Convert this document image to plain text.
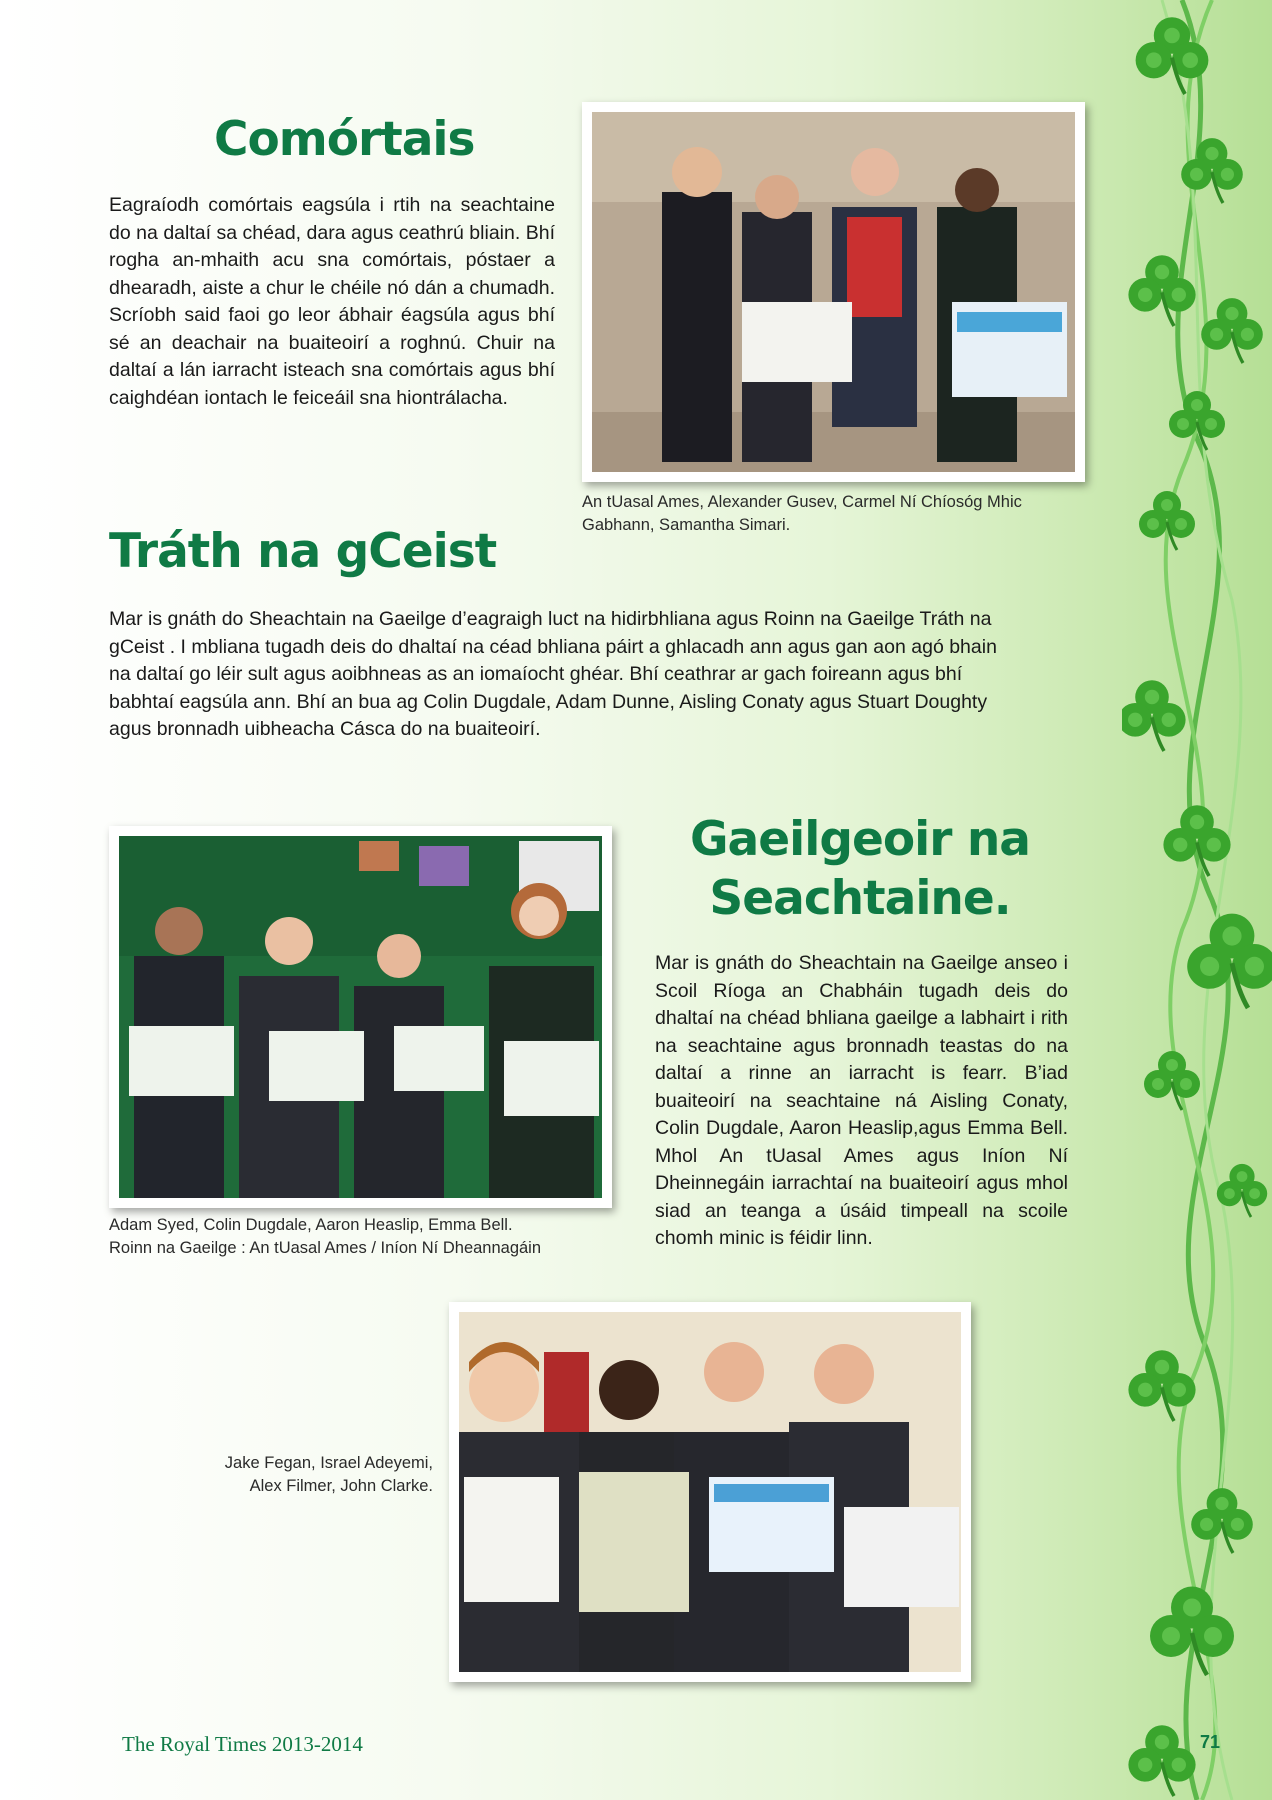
Comórtais

Eagraíodh comórtais eagsúla i rtih na seachtaine do na daltaí sa chéad, dara agus ceathrú bliain. Bhí rogha an-mhaith acu sna comórtais, póstaer a dhearadh, aiste a chur le chéile nó dán a chumadh. Scríobh said faoi go leor ábhair éagsúla agus bhí sé an deachair na buaiteoirí a roghnú. Chuir na daltaí a lán iarracht isteach sna comórtais agus bhí caighdéan iontach le feiceáil sna hiontrálacha.

An tUasal Ames, Alexander Gusev, Carmel Ní Chíosóg Mhic

Gabhann, Samantha Simari.

Tráth na gCeist

Mar is gnáth do Sheachtain na Gaeilge d’eagraigh luct na hidirbhliana agus Roinn na Gaeilge Tráth na gCeist . I mbliana tugadh deis do dhaltaí na céad bhliana páirt a ghlacadh ann agus gan aon agó bhain na daltaí go léir sult agus aoibhneas as an iomaíocht ghéar. Bhí ceathrar ar gach foireann agus bhí babhtaí eagsúla ann. Bhí an bua ag Colin Dugdale, Adam Dunne, Aisling Conaty agus Stuart Doughty agus bronnadh uibheacha Cásca do na buaiteoirí.

Adam Syed, Colin Dugdale, Aaron Heaslip, Emma Bell.

Roinn na Gaeilge : An tUasal Ames / Iníon Ní Dheannagáin

Gaeilgeoir na
Seachtaine.

Mar is gnáth do Sheachtain na Gaeilge anseo i Scoil Ríoga an Chabháin tugadh deis do dhaltaí na chéad bhliana gaeilge a labhairt i rith na seachtaine agus bronnadh teastas do na daltaí a rinne an iarracht is fearr. B’iad buaiteoirí na seachtaine ná Aisling Conaty, Colin Dugdale, Aaron Heaslip,agus Emma Bell. Mhol An tUasal Ames agus Iníon Ní Dheinnegáin iarrachtaí na buaiteoirí agus mhol siad an teanga a úsáid timpeall na scoile chomh minic is féidir linn.

Jake Fegan, Israel Adeyemi,

Alex Filmer, John Clarke.

The Royal Times 2013-2014	71
